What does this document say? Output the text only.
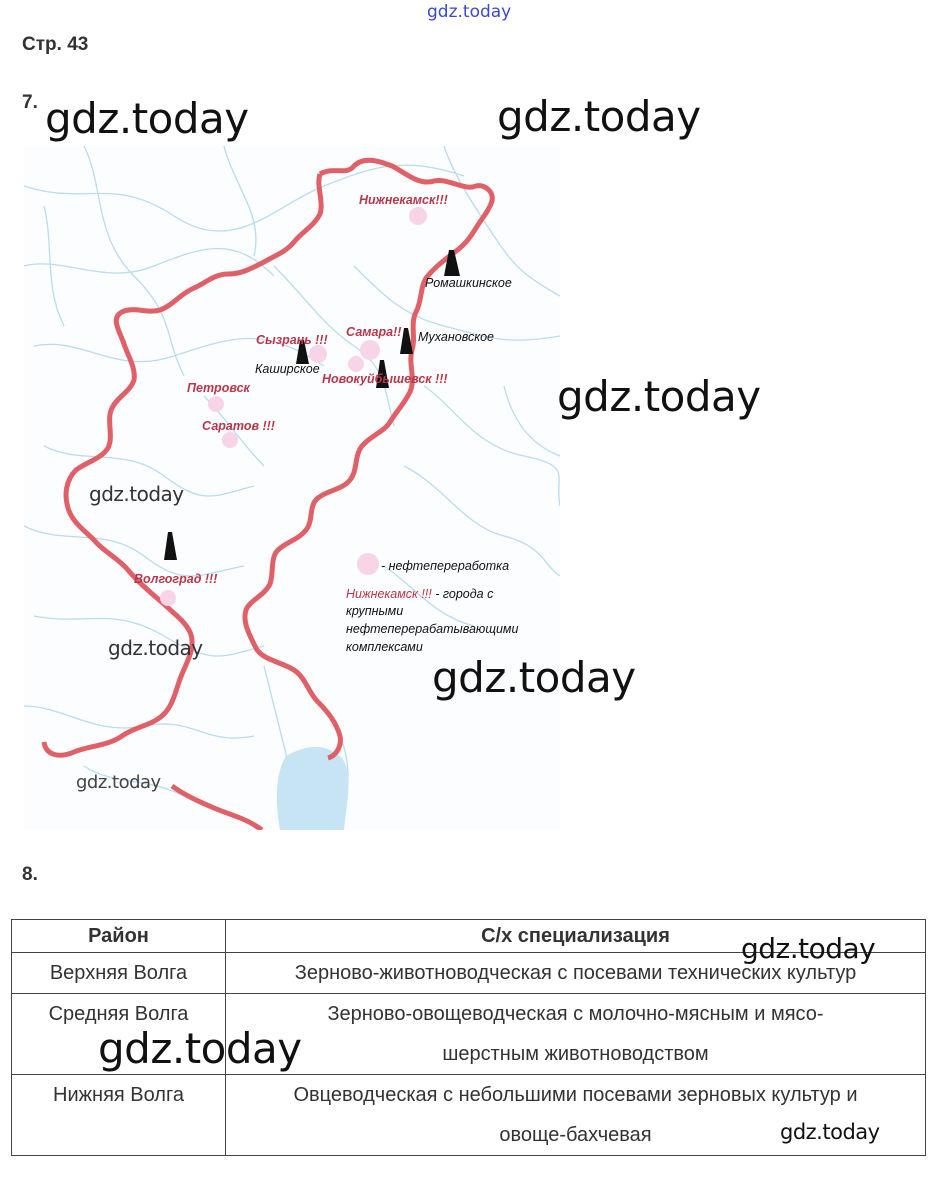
gdz.today
Стр. 43
7.
Нижнекамск!!!
Ромашкинское
Самара!! Мухановское
Сызрань !!!
Каширское
Новокуйбышевск !!!
Петровск
Саратов !!!
Волгоград !!!
- нефтепереработка
Нижнекамск !!! - города с
крупными
нефтеперерабатывающими
комплексами
gdz.today	gdz.today
gdz.today
gdz.today
gdz.today
gdz.today
gdz.today
8.
Район	С/х специализация
Верхняя Волга	Зерново-животноводческая с посевами технических культур

Средняя Волга	Зерново-овощеводческая с молочно-мясным и мясо-
шерстным животноводством

Нижняя Волга	Овцеводческая с небольшими посевами зерновых культур и
овоще-бахчевая
gdz.today
gdz.today
gdz.today
